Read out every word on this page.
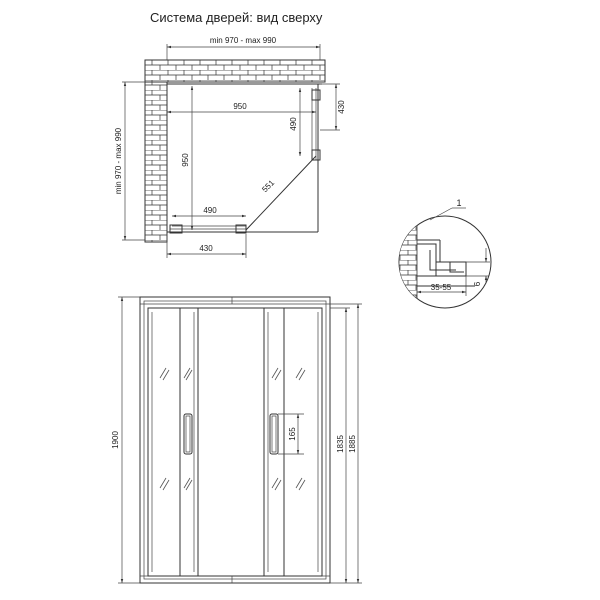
Система дверей: вид сверху
min 970 - max 990
min 970 - max 990
950
950
490
430
551
490
430
1
35-55	6
1900	165
1835 1885
